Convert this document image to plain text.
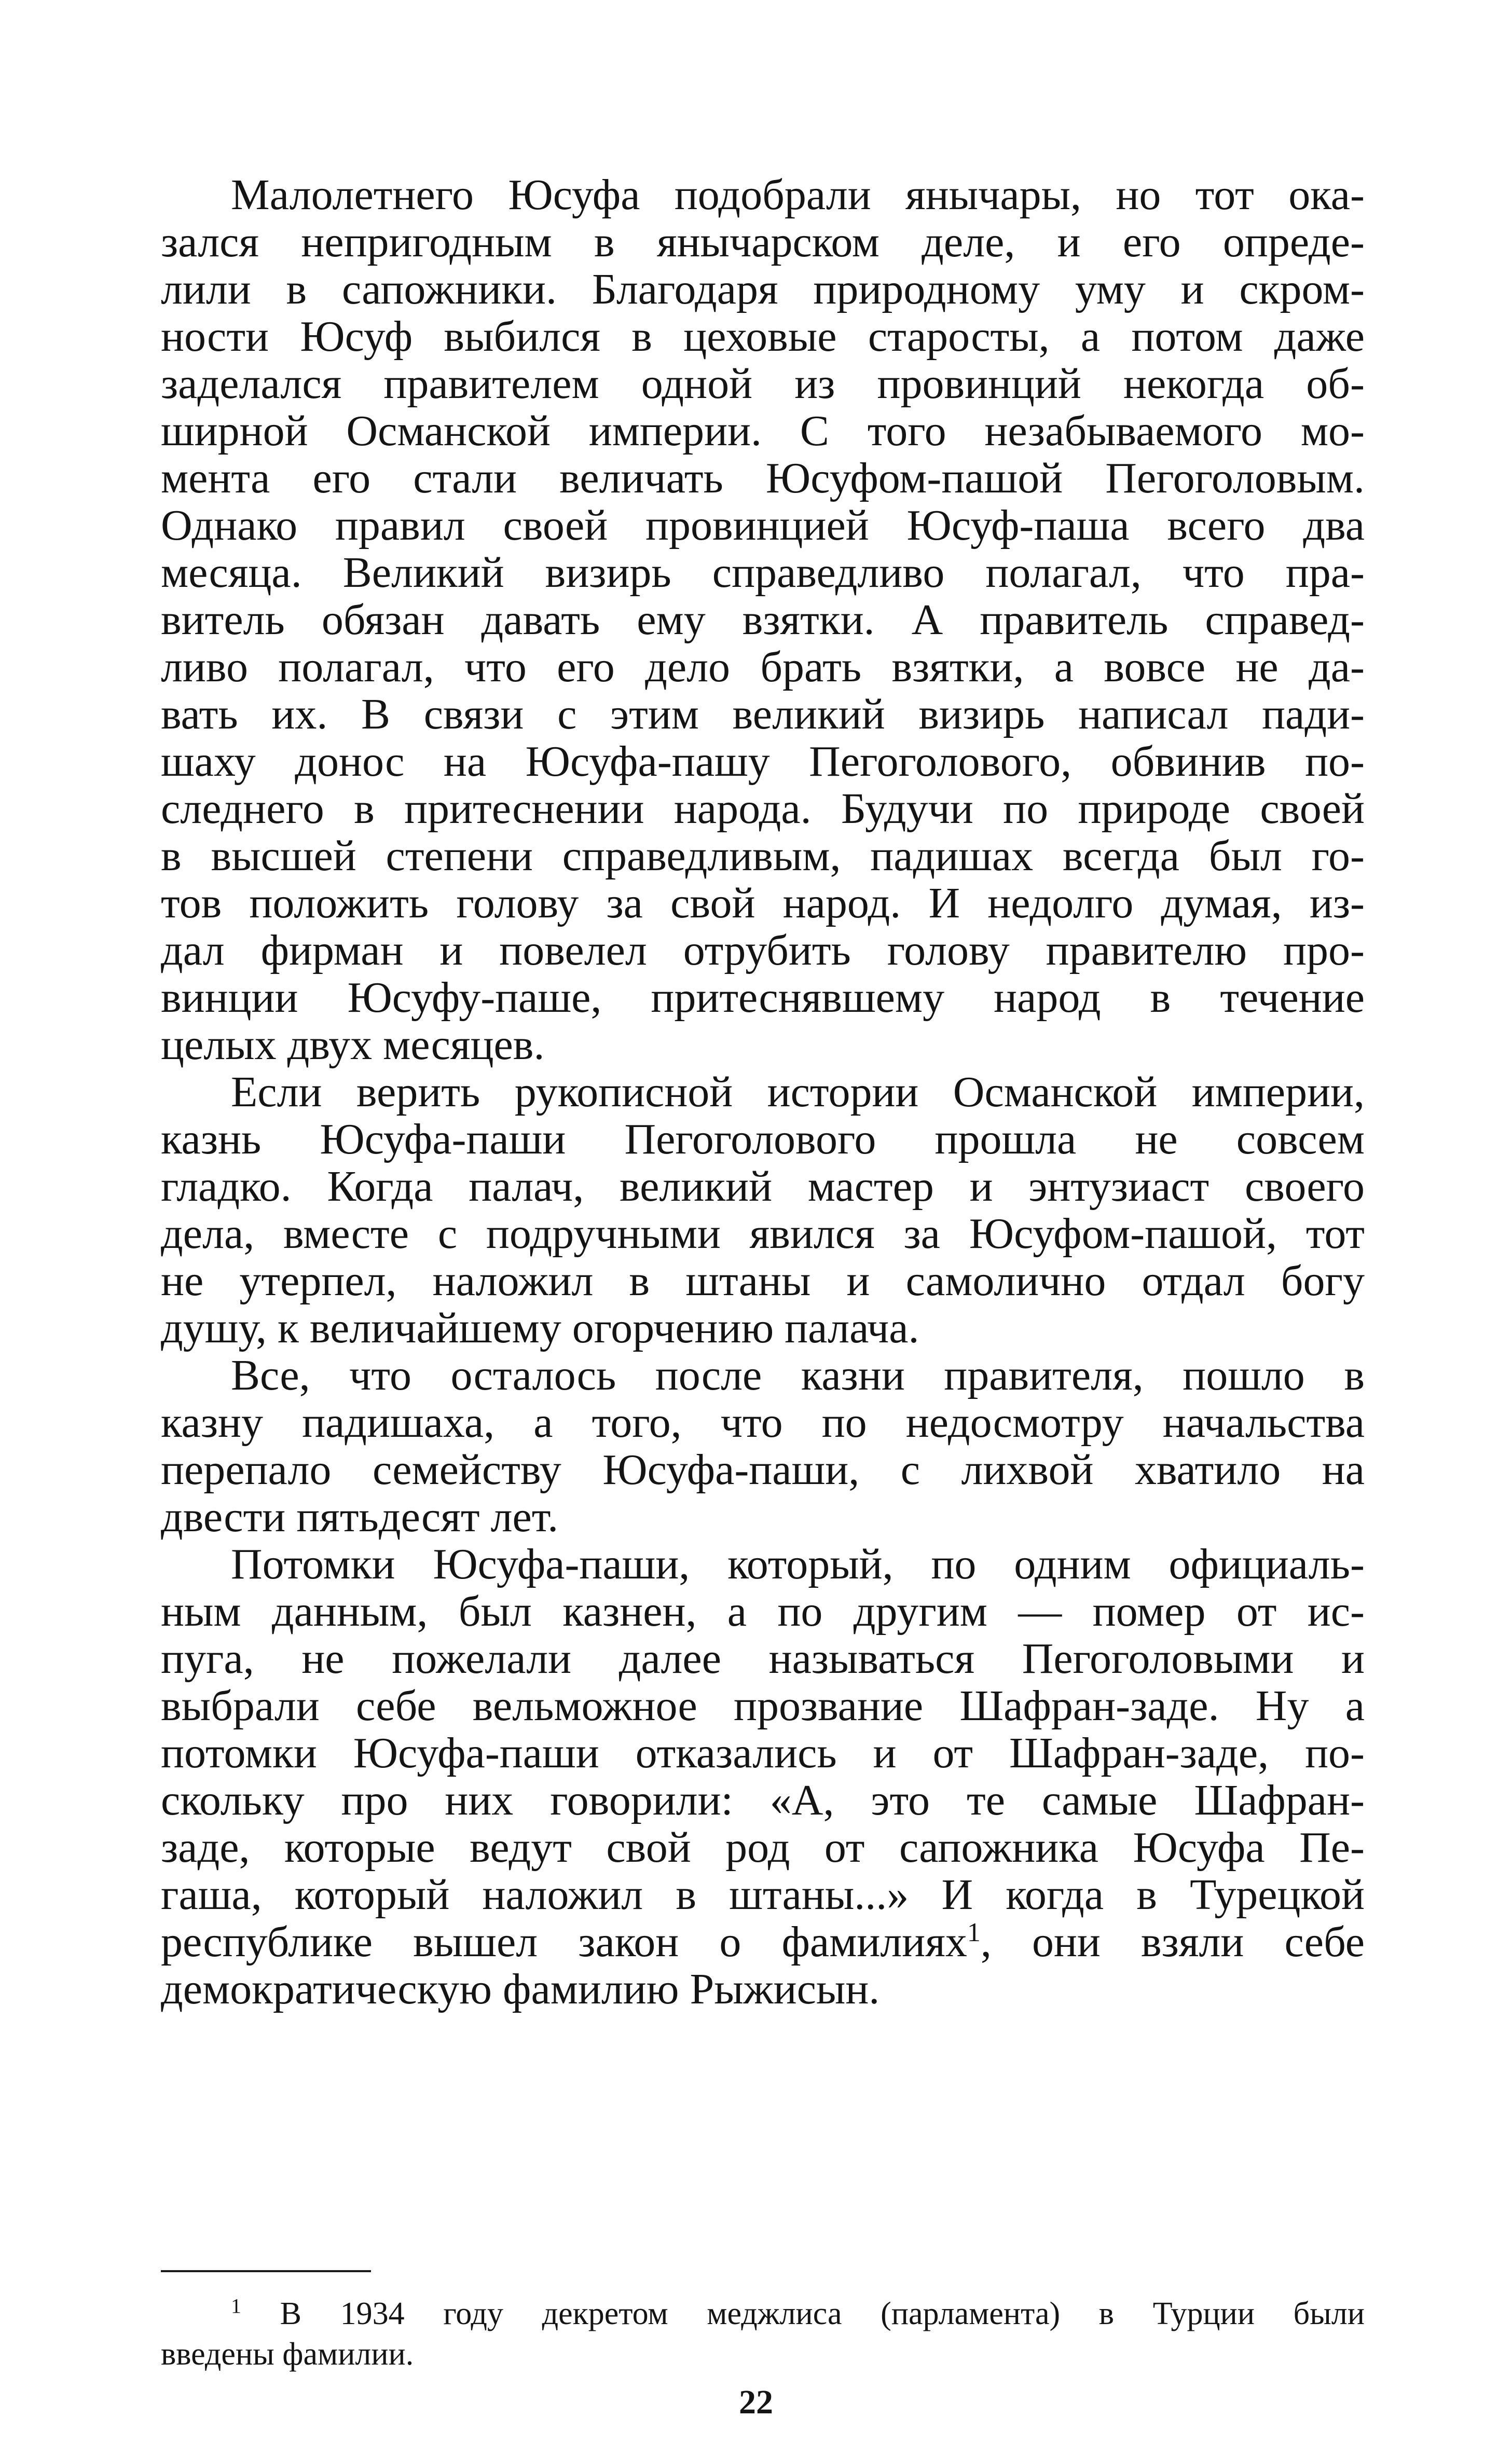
Малолетнего Юсуфа подобрали янычары, но тот ока-
зался непригодным в янычарском деле, и его опреде-
лили в сапожники. Благодаря природному уму и скром-
ности Юсуф выбился в цеховые старосты, а потом даже
заделался правителем одной из провинций некогда об-
ширной Османской империи. С того незабываемого мо-
мента его стали величать Юсуфом-пашой Пегоголовым.
Однако правил своей провинцией Юсуф-паша всего два
месяца. Великий визирь справедливо полагал, что пра-
витель обязан давать ему взятки. А правитель справед-
ливо полагал, что его дело брать взятки, а вовсе не да-
вать их. В связи с этим великий визирь написал пади-
шаху донос на Юсуфа-пашу Пегоголового, обвинив по-
следнего в притеснении народа. Будучи по природе своей
в высшей степени справедливым, падишах всегда был го-
тов положить голову за свой народ. И недолго думая, из-
дал фирман и повелел отрубить голову правителю про-
винции Юсуфу-паше, притеснявшему народ в течение
целых двух месяцев.
Если верить рукописной истории Османской империи,
казнь Юсуфа-паши Пегоголового прошла не совсем
гладко. Когда палач, великий мастер и энтузиаст своего
дела, вместе с подручными явился за Юсуфом-пашой, тот
не утерпел, наложил в штаны и самолично отдал богу
душу, к величайшему огорчению палача.
Все, что осталось после казни правителя, пошло в
казну падишаха, а того, что по недосмотру начальства
перепало семейству Юсуфа-паши, с лихвой хватило на
двести пятьдесят лет.
Потомки Юсуфа-паши, который, по одним официаль-
ным данным, был казнен, а по другим — помер от ис-
пуга, не пожелали далее называться Пегоголовыми и
выбрали себе вельможное прозвание Шафран-заде. Ну а
потомки Юсуфа-паши отказались и от Шафран-заде, по-
скольку про них говорили: «А, это те самые Шафран-
заде, которые ведут свой род от сапожника Юсуфа Пе-
гаша, который наложил в штаны...» И когда в Турецкой
республике вышел закон о фамилиях$^1$, они взяли себе
демократическую фамилию Рыжисын.
$^1$ В 1934 году декретом меджлиса (парламента) в Турции были
введены фамилии.
22
